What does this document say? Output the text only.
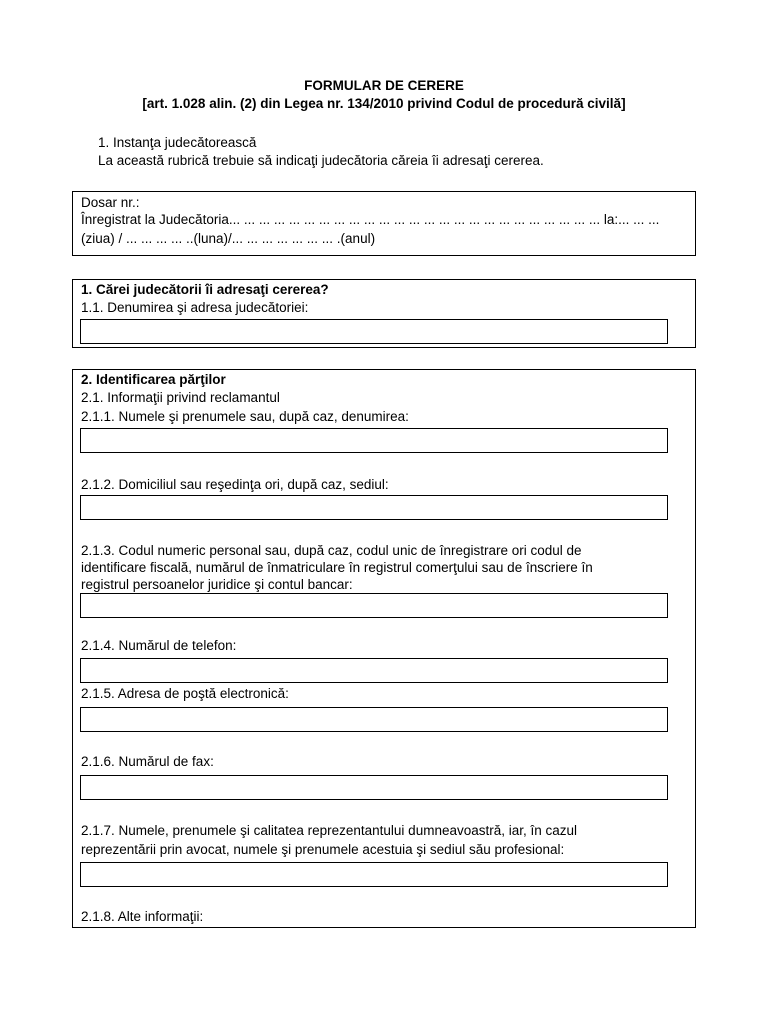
FORMULAR DE CERERE
[art. 1.028 alin. (2) din Legea nr. 134/2010 privind Codul de procedură civilă]
1. Instanţa judecătorească
La această rubrică trebuie să indicaţi judecătoria căreia îi adresaţi cererea.
Dosar nr.:
Înregistrat la Judecătoria... ... ... ... ... ... ... ... ... ... ... ... ... ... ... ... ... ... ... ... ... ... ... ... ... la:... ... ...
(ziua) / ... ... ... ... ..(luna)/... ... ... ... ... ... ... .(anul)
1. Cărei judecătorii îi adresaţi cererea?
1.1. Denumirea şi adresa judecătoriei:
2. Identificarea părţilor
2.1. Informaţii privind reclamantul
2.1.1. Numele şi prenumele sau, după caz, denumirea:
2.1.2. Domiciliul sau reşedinţa ori, după caz, sediul:
2.1.3. Codul numeric personal sau, după caz, codul unic de înregistrare ori codul de
identificare fiscală, numărul de înmatriculare în registrul comerţului sau de înscriere în
registrul persoanelor juridice şi contul bancar:
2.1.4. Numărul de telefon:
2.1.5. Adresa de poştă electronică:
2.1.6. Numărul de fax:
2.1.7. Numele, prenumele şi calitatea reprezentantului dumneavoastră, iar, în cazul
reprezentării prin avocat, numele şi prenumele acestuia şi sediul său profesional:
2.1.8. Alte informaţii:
